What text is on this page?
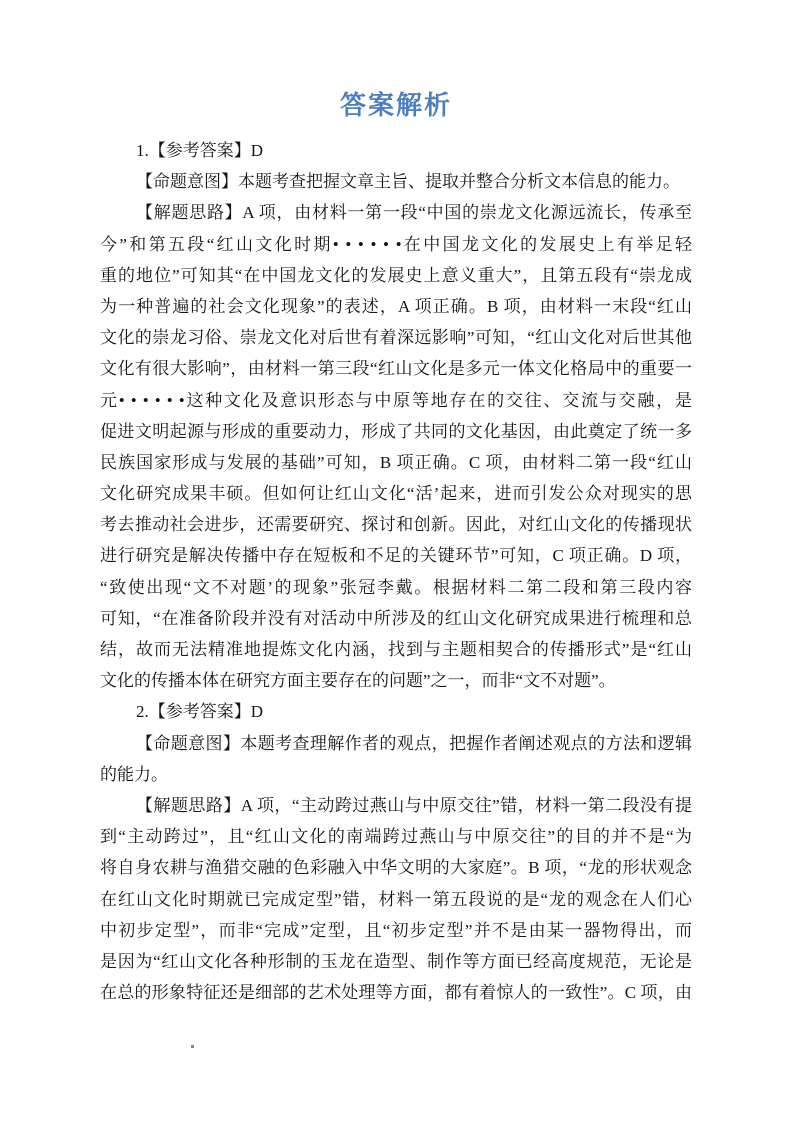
答案解析
1.【参考答案】D
【命题意图】本题考查把握文章主旨、提取并整合分析文本信息的能力。
【解题思路】A 项，由材料一第一段“中国的崇龙文化源远流长，传承至
今”和第五段“红山文化时期• • • • • •在中国龙文化的发展史上有举足轻
重的地位”可知其“在中国龙文化的发展史上意义重大”，且第五段有“崇龙成
为一种普遍的社会文化现象”的表述，A 项正确。B 项，由材料一末段“红山
文化的崇龙习俗、崇龙文化对后世有着深远影响”可知，“红山文化对后世其他
文化有很大影响”，由材料一第三段“红山文化是多元一体文化格局中的重要一
元• • • • • •这种文化及意识形态与中原等地存在的交往、交流与交融，是
促进文明起源与形成的重要动力，形成了共同的文化基因，由此奠定了统一多
民族国家形成与发展的基础”可知，B 项正确。C 项，由材料二第一段“红山
文化研究成果丰硕。但如何让红山文化“活’起来，进而引发公众对现实的思
考去推动社会进步，还需要研究、探讨和创新。因此，对红山文化的传播现状
进行研究是解决传播中存在短板和不足的关键环节”可知，C 项正确。D 项，
“致使出现“文不对题’的现象”张冠李戴。根据材料二第二段和第三段内容
可知，“在准备阶段并没有对活动中所涉及的红山文化研究成果进行梳理和总
结，故而无法精准地提炼文化内涵，找到与主题相契合的传播形式”是“红山
文化的传播本体在研究方面主要存在的问题”之一，而非“文不对题”。
2.【参考答案】D
【命题意图】本题考查理解作者的观点，把握作者阐述观点的方法和逻辑
的能力。
【解题思路】A 项，“主动跨过燕山与中原交往”错，材料一第二段没有提
到“主动跨过”，且“红山文化的南端跨过燕山与中原交往”的目的并不是“为
将自身农耕与渔猎交融的色彩融入中华文明的大家庭”。B 项，“龙的形状观念
在红山文化时期就已完成定型”错，材料一第五段说的是“龙的观念在人们心
中初步定型”，而非“完成”定型，且“初步定型”并不是由某一器物得出，而
是因为“红山文化各种形制的玉龙在造型、制作等方面已经高度规范，无论是
在总的形象特征还是细部的艺术处理等方面，都有着惊人的一致性”。C 项，由
